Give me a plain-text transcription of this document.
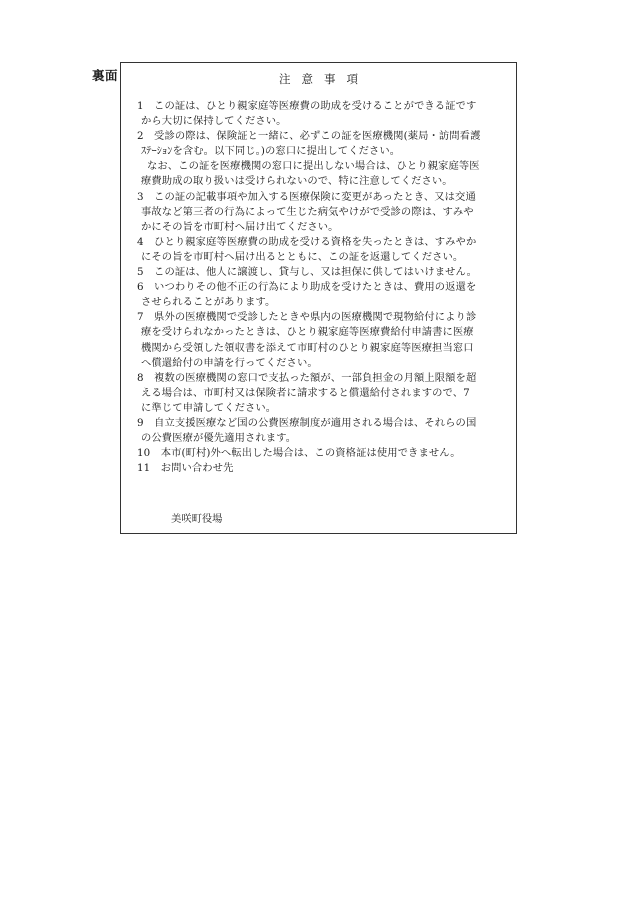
裏面	注意事項
1　この証は、ひとり親家庭等医療費の助成を受けることができる証です
から大切に保持してください。
2　受診の際は、保険証と一緒に、必ずこの証を医療機関(薬局・訪問看護
ｽﾃｰｼｮﾝを含む。以下同じ。)の窓口に提出してください。
なお、この証を医療機関の窓口に提出しない場合は、ひとり親家庭等医
療費助成の取り扱いは受けられないので、特に注意してください。
3　この証の記載事項や加入する医療保険に変更があったとき、又は交通
事故など第三者の行為によって生じた病気やけがで受診の際は、すみや
かにその旨を市町村へ届け出てください。
4　ひとり親家庭等医療費の助成を受ける資格を失ったときは、すみやか
にその旨を市町村へ届け出るとともに、この証を返還してください。
5　この証は、他人に譲渡し、貸与し、又は担保に供してはいけません。
6　いつわりその他不正の行為により助成を受けたときは、費用の返還を
させられることがあります。
7　県外の医療機関で受診したときや県内の医療機関で現物給付により診
療を受けられなかったときは、ひとり親家庭等医療費給付申請書に医療
機関から受領した領収書を添えて市町村のひとり親家庭等医療担当窓口
へ償還給付の申請を行ってください。
8　複数の医療機関の窓口で支払った額が、一部負担金の月額上限額を超
える場合は、市町村又は保険者に請求すると償還給付されますので、7
に準じて申請してください。
9　自立支援医療など国の公費医療制度が適用される場合は、それらの国
の公費医療が優先適用されます。
10　本市(町村)外へ転出した場合は、この資格証は使用できません。
11　お問い合わせ先
美咲町役場
